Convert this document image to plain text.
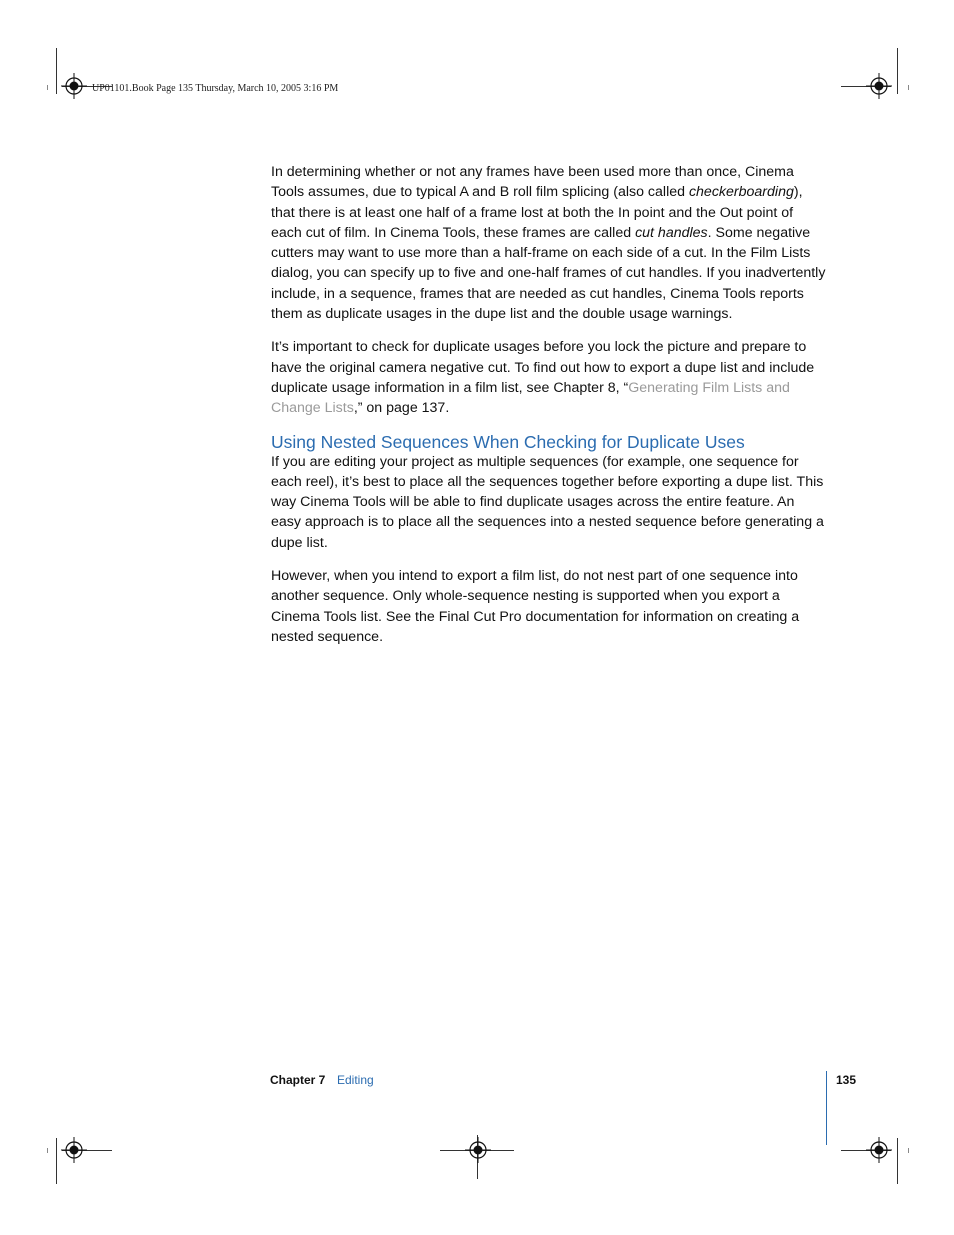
UP01101.Book Page 135 Thursday, March 10, 2005 3:16 PM

In determining whether or not any frames have been used more than once, Cinema Tools assumes, due to typical A and B roll film splicing (also called checkerboarding), that there is at least one half of a frame lost at both the In point and the Out point of each cut of film. In Cinema Tools, these frames are called cut handles. Some negative cutters may want to use more than a half-frame on each side of a cut. In the Film Lists dialog, you can specify up to five and one-half frames of cut handles. If you inadvertently include, in a sequence, frames that are needed as cut handles, Cinema Tools reports them as duplicate usages in the dupe list and the double usage warnings.

It’s important to check for duplicate usages before you lock the picture and prepare to have the original camera negative cut. To find out how to export a dupe list and include duplicate usage information in a film list, see Chapter 8, “Generating Film Lists and Change Lists,” on page 137.

Using Nested Sequences When Checking for Duplicate Uses

If you are editing your project as multiple sequences (for example, one sequence for each reel), it’s best to place all the sequences together before exporting a dupe list. This way Cinema Tools will be able to find duplicate usages across the entire feature. An easy approach is to place all the sequences into a nested sequence before generating a dupe list.

However, when you intend to export a film list, do not nest part of one sequence into another sequence. Only whole-sequence nesting is supported when you export a Cinema Tools list. See the Final Cut Pro documentation for information on creating a nested sequence.

Chapter 7 Editing	135
